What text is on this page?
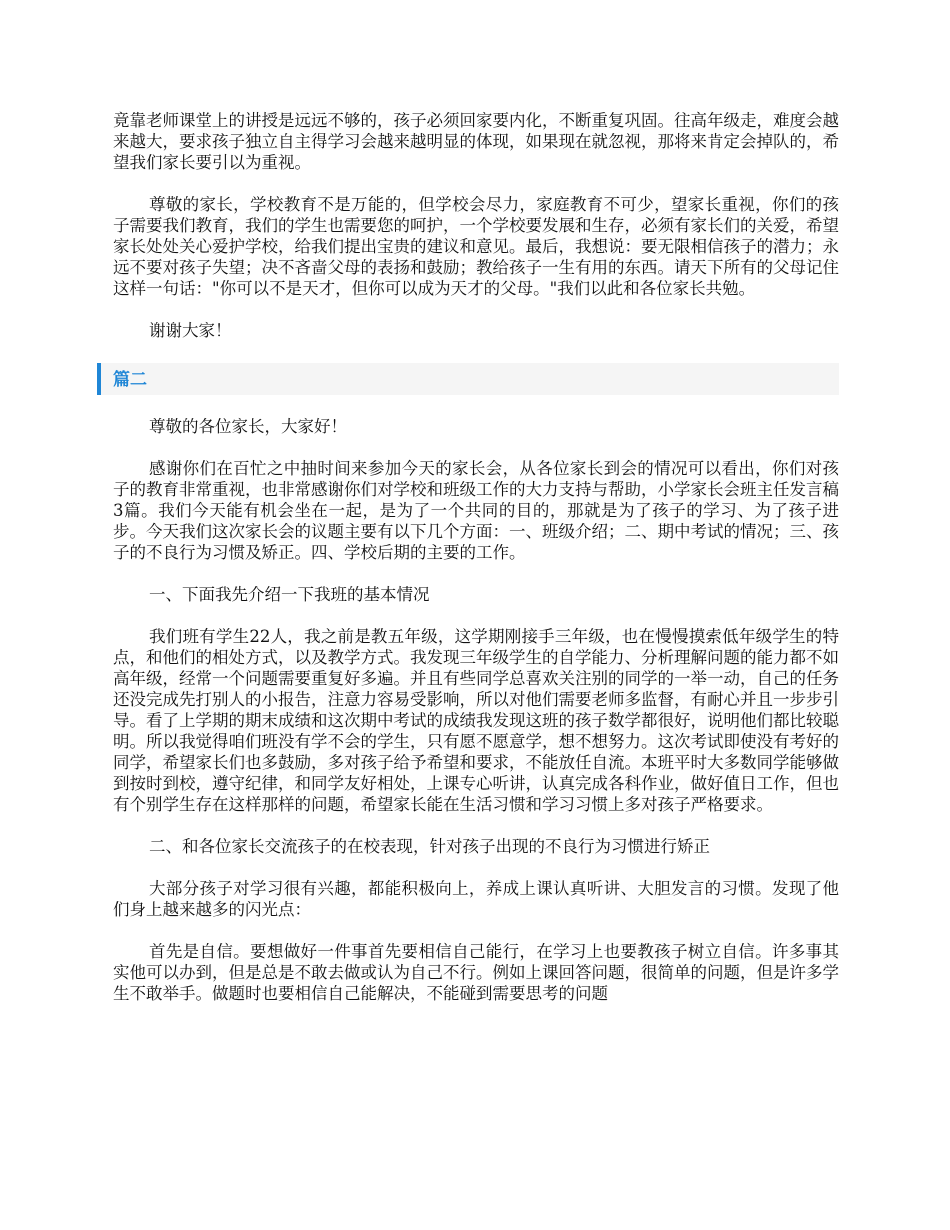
竟靠老师课堂上的讲授是远远不够的，孩子必须回家要内化，不断重复巩固。往高年级走，难度会越来越大，要求孩子独立自主得学习会越来越明显的体现，如果现在就忽视，那将来肯定会掉队的，希望我们家长要引以为重视。

尊敬的家长，学校教育不是万能的，但学校会尽力，家庭教育不可少，望家长重视，你们的孩子需要我们教育，我们的学生也需要您的呵护，一个学校要发展和生存，必须有家长们的关爱，希望家长处处关心爱护学校，给我们提出宝贵的建议和意见。最后，我想说：要无限相信孩子的潜力；永远不要对孩子失望；决不吝啬父母的表扬和鼓励；教给孩子一生有用的东西。请天下所有的父母记住这样一句话："你可以不是天才，但你可以成为天才的父母。"我们以此和各位家长共勉。

谢谢大家！

篇二

尊敬的各位家长，大家好！

感谢你们在百忙之中抽时间来参加今天的家长会，从各位家长到会的情况可以看出，你们对孩子的教育非常重视，也非常感谢你们对学校和班级工作的大力支持与帮助，小学家长会班主任发言稿3篇。我们今天能有机会坐在一起，是为了一个共同的目的，那就是为了孩子的学习、为了孩子进步。今天我们这次家长会的议题主要有以下几个方面：一、班级介绍；二、期中考试的情况；三、孩子的不良行为习惯及矫正。四、学校后期的主要的工作。

一、下面我先介绍一下我班的基本情况

我们班有学生22人，我之前是教五年级，这学期刚接手三年级，也在慢慢摸索低年级学生的特点，和他们的相处方式，以及教学方式。我发现三年级学生的自学能力、分析理解问题的能力都不如高年级，经常一个问题需要重复好多遍。并且有些同学总喜欢关注别的同学的一举一动，自己的任务还没完成先打别人的小报告，注意力容易受影响，所以对他们需要老师多监督，有耐心并且一步步引导。看了上学期的期末成绩和这次期中考试的成绩我发现这班的孩子数学都很好，说明他们都比较聪明。所以我觉得咱们班没有学不会的学生，只有愿不愿意学，想不想努力。这次考试即使没有考好的同学，希望家长们也多鼓励，多对孩子给予希望和要求，不能放任自流。本班平时大多数同学能够做到按时到校，遵守纪律，和同学友好相处，上课专心听讲，认真完成各科作业，做好值日工作，但也有个别学生存在这样那样的问题，希望家长能在生活习惯和学习习惯上多对孩子严格要求。

二、和各位家长交流孩子的在校表现，针对孩子出现的不良行为习惯进行矫正

大部分孩子对学习很有兴趣，都能积极向上，养成上课认真听讲、大胆发言的习惯。发现了他们身上越来越多的闪光点：

首先是自信。要想做好一件事首先要相信自己能行，在学习上也要教孩子树立自信。许多事其实他可以办到，但是总是不敢去做或认为自己不行。例如上课回答问题，很简单的问题，但是许多学生不敢举手。做题时也要相信自己能解决，不能碰到需要思考的问题
